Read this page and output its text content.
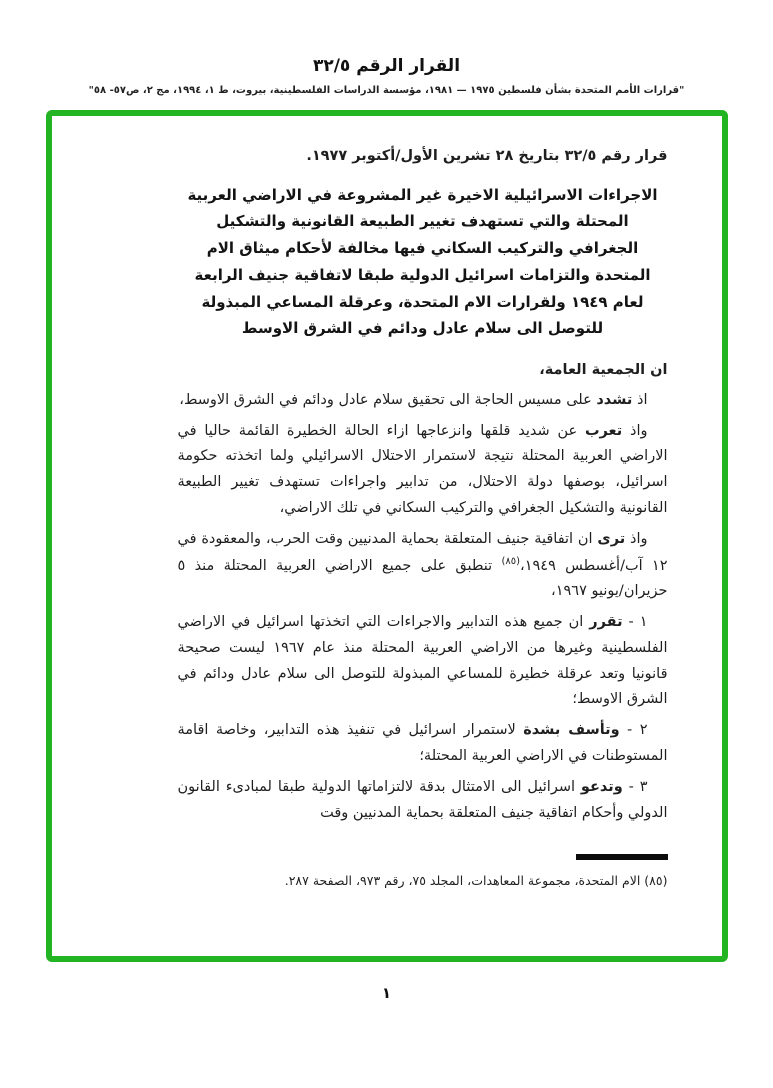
القرار الرقم ٣٢/٥
"قرارات الأمم المتحدة بشأن فلسطين ١٩٧٥ — ١٩٨١، مؤسسة الدراسات الفلسطينية، بيروت، ط ١، ١٩٩٤، مج ٢، ص٥٧- ٥٨"

قرار رقم ٣٢/٥ بتاريخ ٢٨ تشرين الأول/أكتوبر ١٩٧٧.

الاجراءات الاسرائيلية الاخيرة غير المشروعة في الاراضي العربية
المحتلة والتي تستهدف تغيير الطبيعة القانونية والتشكيل
الجغرافي والتركيب السكاني فيها مخالفة لأحكام ميثاق الام
المتحدة والتزامات اسرائيل الدولية طبقا لاتفاقية جنيف الرابعة
لعام ١٩٤٩ ولقرارات الام المتحدة، وعرقلة المساعي المبذولة
للتوصل الى سلام عادل ودائم في الشرق الاوسط

ان الجمعية العامة،

اذ تشدد على مسيس الحاجة الى تحقيق سلام عادل ودائم في الشرق الاوسط،

واذ تعرب عن شديد قلقها وانزعاجها ازاء الحالة الخطيرة القائمة حاليا في الاراضي العربية المحتلة نتيجة لاستمرار الاحتلال الاسرائيلي ولما اتخذته حكومة اسرائيل، بوصفها دولة الاحتلال، من تدابير واجراءات تستهدف تغيير الطبيعة القانونية والتشكيل الجغرافي والتركيب السكاني في تلك الاراضي،

واذ ترى ان اتفاقية جنيف المتعلقة بحماية المدنيين وقت الحرب، والمعقودة في ١٢ آب/أغسطس ١٩٤٩،$^{(٨٥)}$ تنطبق على جميع الاراضي العربية المحتلة منذ ٥ حزيران/يونيو ١٩٦٧،

١ - تقرر ان جميع هذه التدابير والاجراءات التي اتخذتها اسرائيل في الاراضي الفلسطينية وغيرها من الاراضي العربية المحتلة منذ عام ١٩٦٧ ليست صحيحة قانونيا وتعد عرقلة خطيرة للمساعي المبذولة للتوصل الى سلام عادل ودائم في الشرق الاوسط؛

٢ - وتأسف بشدة لاستمرار اسرائيل في تنفيذ هذه التدابير، وخاصة اقامة المستوطنات في الاراضي العربية المحتلة؛

٣ - وتدعو اسرائيل الى الامتثال بدقة لالتزاماتها الدولية طبقا لمبادىء القانون الدولي وأحكام اتفاقية جنيف المتعلقة بحماية المدنيين وقت

(٨٥) الام المتحدة، مجموعة المعاهدات، المجلد ٧٥، رقم ٩٧٣، الصفحة ٢٨٧.

١
